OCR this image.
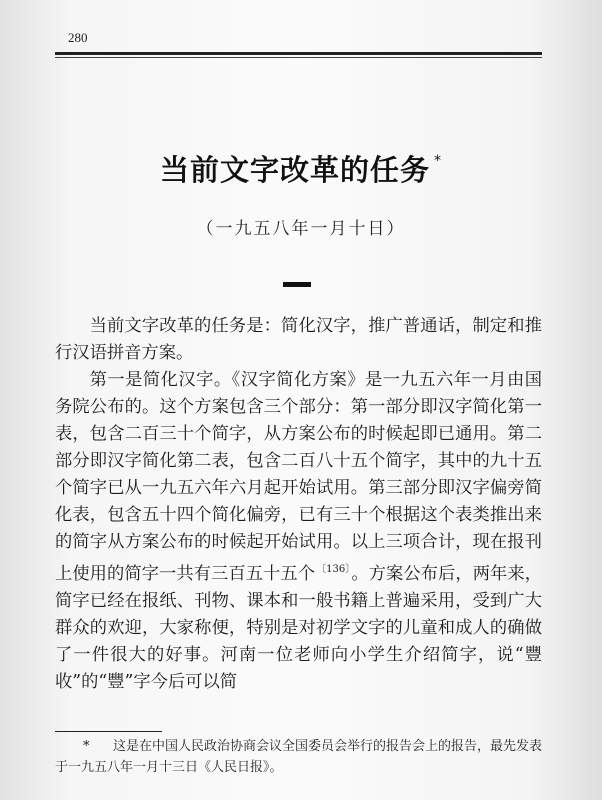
280
当前文字改革的任务 *
（一九五八年一月十日）

当前文字改革的任务是：简化汉字，推广普通话，制定和推行汉语拼音方案。

第一是简化汉字。《汉字简化方案》是一九五六年一月由国务院公布的。这个方案包含三个部分：第一部分即汉字简化第一表，包含二百三十个简字，从方案公布的时候起即已通用。第二部分即汉字简化第二表，包含二百八十五个简字，其中的九十五个简字已从一九五六年六月起开始试用。第三部分即汉字偏旁简化表，包含五十四个简化偏旁，已有三十个根据这个表类推出来的简字从方案公布的时候起开始试用。以上三项合计，现在报刊上使用的简字一共有三百五十五个$^{〔136〕}$。方案公布后，两年来，简字已经在报纸、刊物、课本和一般书籍上普遍采用，受到广大群众的欢迎，大家称便，特别是对初学文字的儿童和成人的确做了一件很大的好事。河南一位老师向小学生介绍简字，说“豐收”的“豐”字今后可以简

* 这是在中国人民政治协商会议全国委员会举行的报告会上的报告，最先发表于一九五八年一月十三日《人民日报》。
